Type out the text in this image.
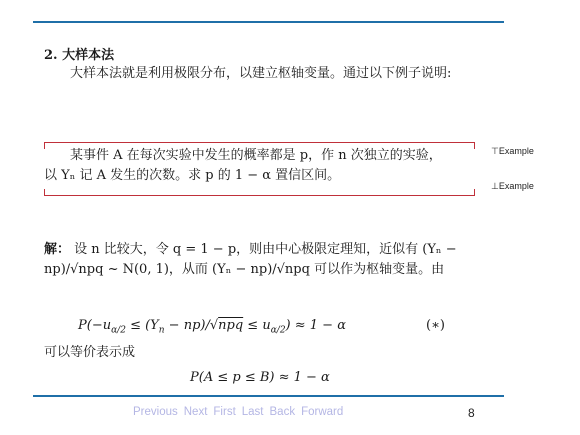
2. 大样本法
大样本法就是利用极限分布，以建立枢轴变量。通过以下例子说明:
某事件 A 在每次实验中发生的概率都是 p，作 n 次独立的实验，
以 Yₙ 记 A 发生的次数。求 p 的 1 − α 置信区间。
⊤Example
⊥Example
解： 设 n 比较大，令 q = 1 − p，则由中心极限定理知，近似有 (Yₙ − np)/√npq ~ N(0, 1)，从而 (Yₙ − np)/√npq 可以作为枢轴变量。由
$P(-u_{\alpha/2} \le (Y_n - np)/√npq \le u_{\alpha/2}) \approx 1 - \alpha$	(∗)
可以等价表示成
P(A ≤ p ≤ B) ≈ 1 − α
Previous Next First Last Back Forward	8
